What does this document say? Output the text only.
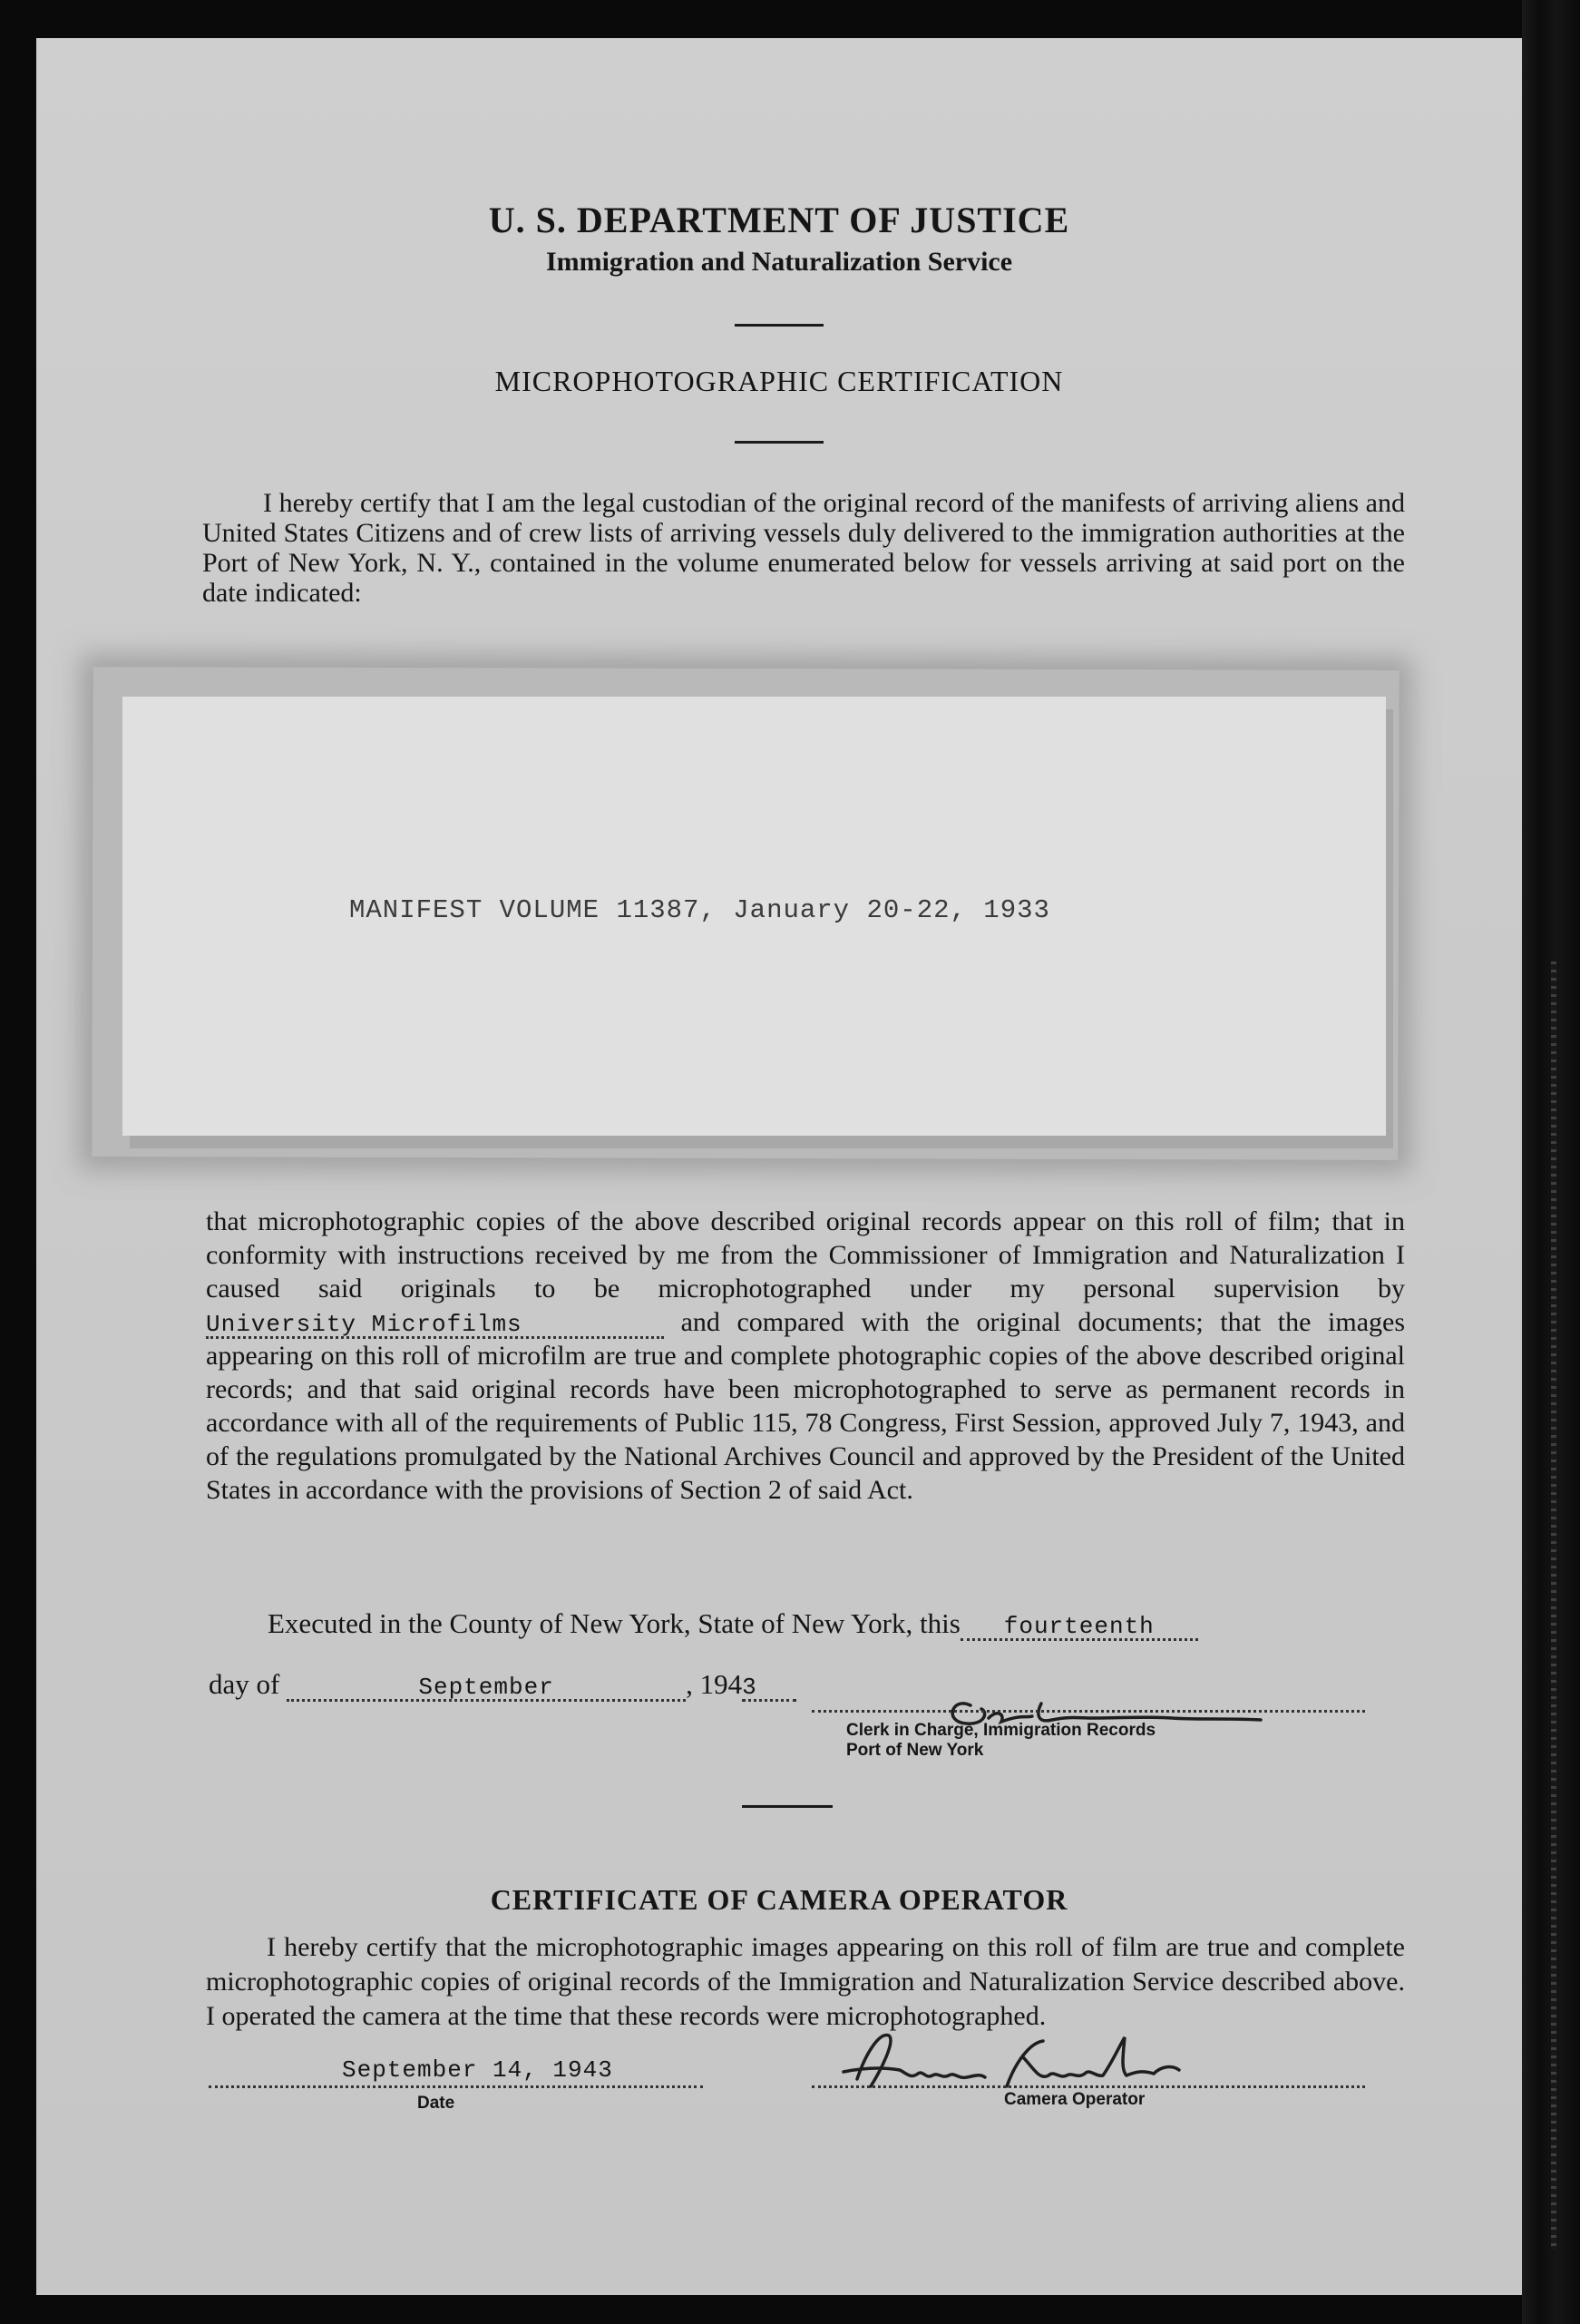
U. S. DEPARTMENT OF JUSTICE
Immigration and Naturalization Service
MICROPHOTOGRAPHIC CERTIFICATION

I hereby certify that I am the legal custodian of the original record of the manifests of arriving aliens and United States Citizens and of crew lists of arriving vessels duly delivered to the immigration authorities at the Port of New York, N. Y., contained in the volume enumerated below for vessels arriving at said port on the date indicated:

MANIFEST VOLUME 11387, January 20-22, 1933

that microphotographic copies of the above described original records appear on this roll of film; that in conformity with instructions received by me from the Commissioner of Immigration and Naturalization I caused said originals to be microphotographed under my personal supervision by University Microfilms	and compared with the original documents; that the images appearing on this roll of microfilm are true and complete photographic copies of the above described original records; and that said original records have been microphotographed to serve as permanent records in accordance with all of the requirements of Public 115, 78 Congress, First Session, approved July 7, 1943, and of the regulations promulgated by the National Archives Council and approved by the President of the United States in accordance with the provisions of Section 2 of said Act.

Executed in the County of New York, State of New York, this fourteenth
day of	September	, 1943
Clerk in Charge, Immigration Records
Port of New York
CERTIFICATE OF CAMERA OPERATOR

I hereby certify that the microphotographic images appearing on this roll of film are true and complete microphotographic copies of original records of the Immigration and Naturalization Service described above. I operated the camera at the time that these records were microphotographed.

September 14, 1943
Date	Camera Operator
